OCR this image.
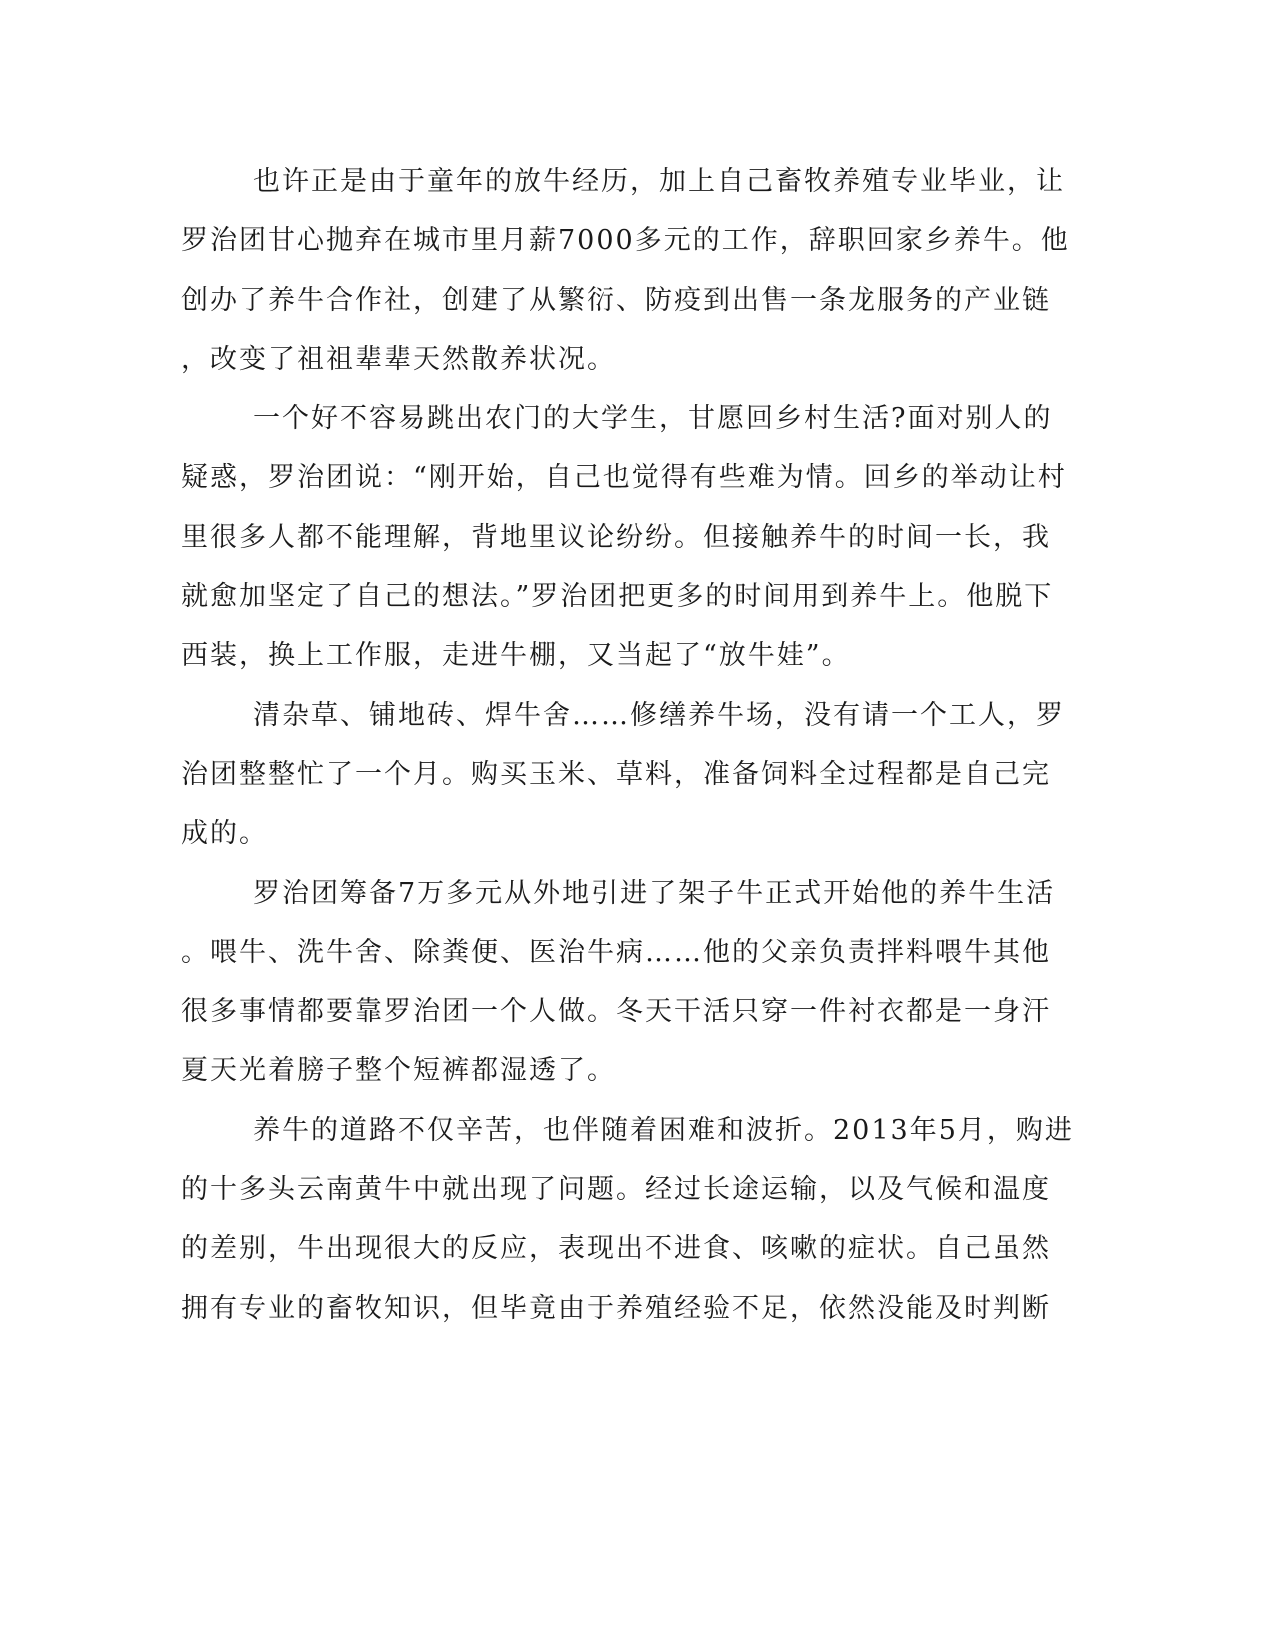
也许正是由于童年的放牛经历，加上自己畜牧养殖专业毕业，让
罗治团甘心抛弃在城市里月薪7000多元的工作，辞职回家乡养牛。他
创办了养牛合作社，创建了从繁衍、防疫到出售一条龙服务的产业链
，改变了祖祖辈辈天然散养状况。
一个好不容易跳出农门的大学生，甘愿回乡村生活?面对别人的
疑惑，罗治团说：“刚开始，自己也觉得有些难为情。回乡的举动让村
里很多人都不能理解，背地里议论纷纷。但接触养牛的时间一长，我
就愈加坚定了自己的想法。”罗治团把更多的时间用到养牛上。他脱下
西装，换上工作服，走进牛棚，又当起了“放牛娃”。
清杂草、铺地砖、焊牛舍……修缮养牛场，没有请一个工人，罗
治团整整忙了一个月。购买玉米、草料，准备饲料全过程都是自己完
成的。
罗治团筹备7万多元从外地引进了架子牛正式开始他的养牛生活
。喂牛、洗牛舍、除粪便、医治牛病……他的父亲负责拌料喂牛其他
很多事情都要靠罗治团一个人做。冬天干活只穿一件衬衣都是一身汗
夏天光着膀子整个短裤都湿透了。
养牛的道路不仅辛苦，也伴随着困难和波折。2013年5月，购进
的十多头云南黄牛中就出现了问题。经过长途运输，以及气候和温度
的差别，牛出现很大的反应，表现出不进食、咳嗽的症状。自己虽然
拥有专业的畜牧知识，但毕竟由于养殖经验不足，依然没能及时判断
